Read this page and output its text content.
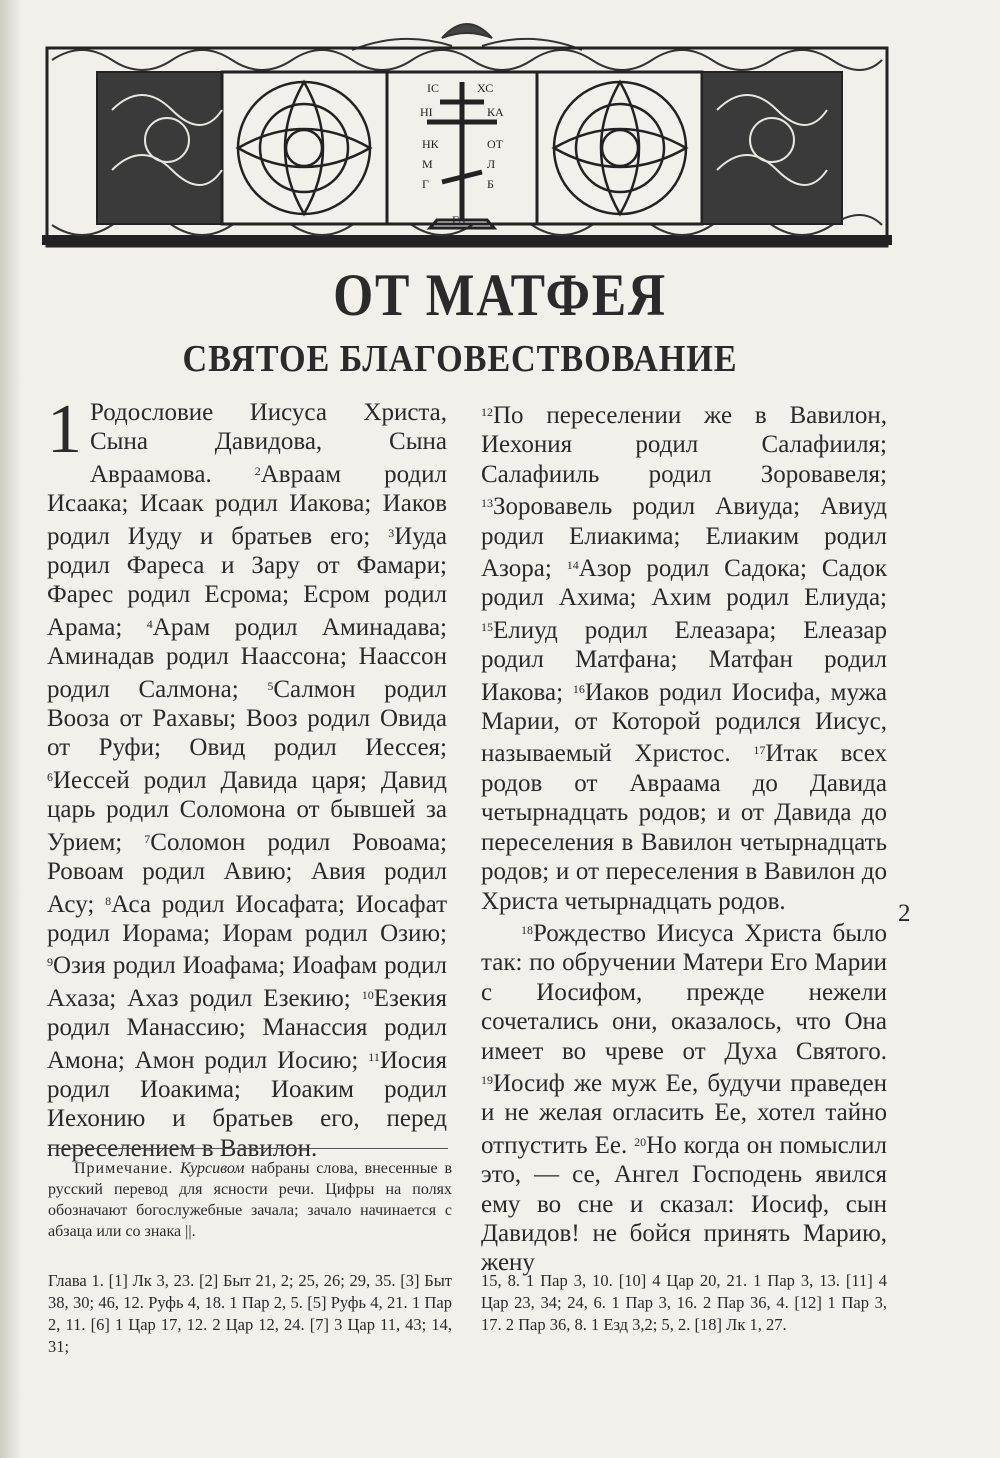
IС	ХС
НI	КА
НК	ОТ
М	Л
Г	Б
ГА
ОТ МАТФЕЯ
СВЯТОЕ БЛАГОВЕСТВОВАНИЕ
1 Родословие Иисуса Христа, Сына Давидова, Сына Авраамова.	$^2$Авраам родил Исаака; Исаак родил Иакова; Иаков родил Иуду и братьев его; $^3$Иуда родил Фареса и Зару от Фамари; Фарес родил Есрома; Есром родил Арама; $^4$Арам родил Аминадава; Аминадав родил Наассона; Наассон родил Салмона; $^5$Салмон родил Вооза от Рахавы; Вооз родил Овида от Руфи; Овид родил Иессея; $^6$Иессей родил Давида царя; Давид царь родил Соломона от бывшей за Урием; $^7$Соломон родил Ровоама; Ровоам родил Авию; Авия родил Асу; $^8$Аса родил Иосафата; Иосафат родил Иорама; Иорам родил Озию; $^9$Озия родил Иоафама; Иоафам родил Ахаза; Ахаз родил Езекию; $^{10}$Езекия родил Манассию; Манассия родил Амона; Амон родил Иосию; $^{11}$Иосия родил Иоакима; Иоаким родил Иехонию и братьев его, перед переселением в Вавилон.
$^{12}$По переселении же в Вавилон, Иехония родил Салафииля; Салафииль родил Зоровавеля; $^{13}$Зоровавель родил Авиуда; Авиуд родил Елиакима; Елиаким родил Азора; $^{14}$Азор родил Садока; Садок родил Ахима; Ахим родил Елиуда; $^{15}$Елиуд родил Елеазара; Елеазар родил Матфана; Матфан родил Иакова; $^{16}$Иаков родил Иосифа, мужа Марии, от Которой родился Иисус, называемый Христос. $^{17}$Итак всех родов от Авраама до Давида четырнадцать родов; и от Давида до переселения в Вавилон четырнадцать родов; и от переселения в Вавилон до Христа четырнадцать родов.
$^{18}$Рождество Иисуса Христа было так: по обручении Матери Его Марии с Иосифом, прежде нежели сочетались они, оказалось, что Она имеет во чреве от Духа Святого. $^{19}$Иосиф же муж Ее, будучи праведен и не желая огласить Ее, хотел тайно отпустить Ее. $^{20}$Но когда он помыслил это, — се, Ангел Господень явился ему во сне и сказал: Иосиф, сын Давидов! не бойся принять Марию, жену
2
Примечание. Курсивом набраны слова, внесенные в русский перевод для ясности речи. Цифры на полях обозначают богослужебные зачала; зачало начинается с абзаца или со знака ||.
Глава 1. [1] Лк 3, 23. [2] Быт 21, 2; 25, 26; 29, 35. [3] Быт 38, 30; 46, 12. Руфь 4, 18. 1 Пар 2, 5. [5] Руфь 4, 21. 1 Пар 2, 11. [6] 1 Цар 17, 12. 2 Цар 12, 24. [7] 3 Цар 11, 43; 14, 31;
15, 8. 1 Пар 3, 10. [10] 4 Цар 20, 21. 1 Пар 3, 13. [11] 4 Цар 23, 34; 24, 6. 1 Пар 3, 16. 2 Пар 36, 4. [12] 1 Пар 3, 17. 2 Пар 36, 8. 1 Езд 3,2; 5, 2. [18] Лк 1, 27.
